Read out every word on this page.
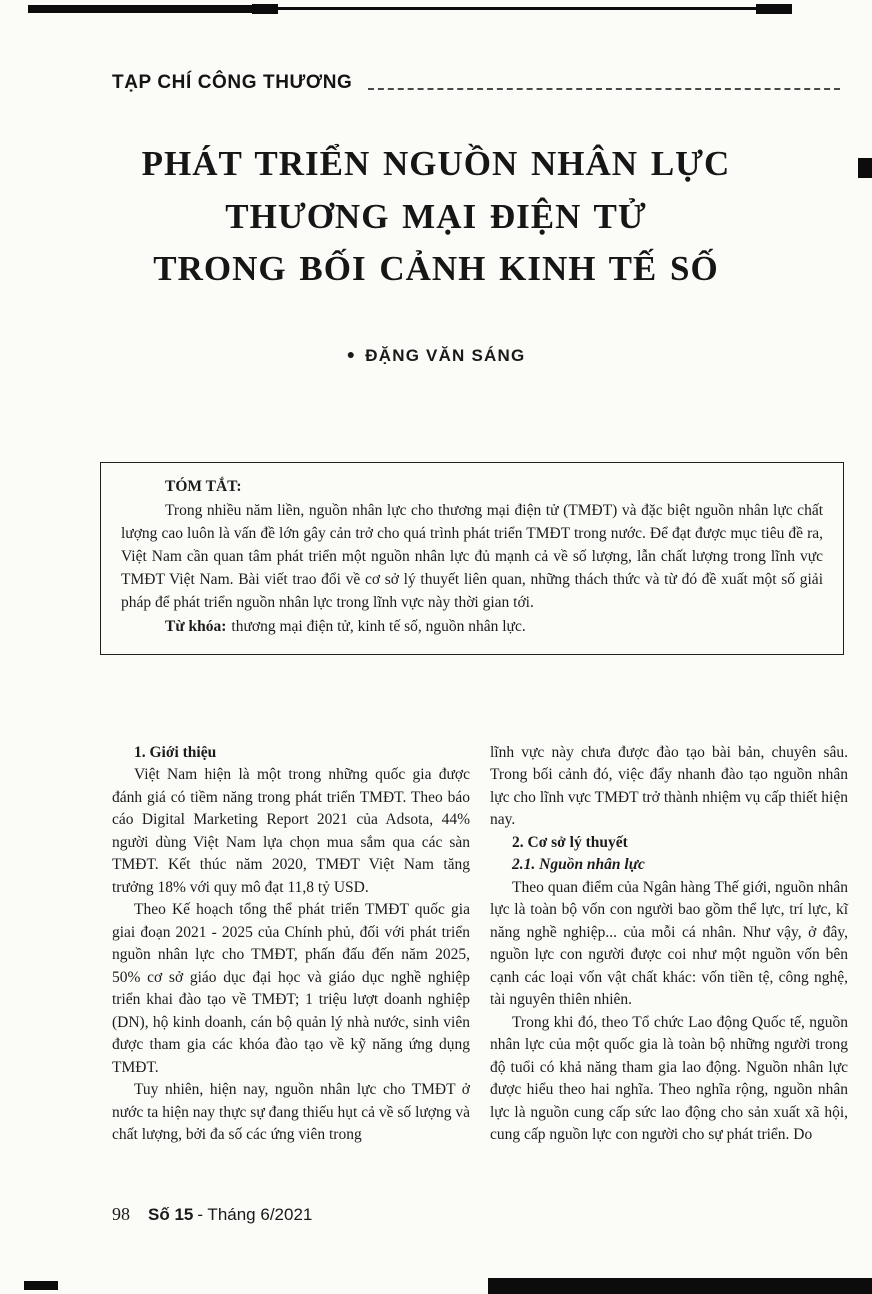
TẠP CHÍ CÔNG THƯƠNG
PHÁT TRIỂN NGUỒN NHÂN LỰC
THƯƠNG MẠI ĐIỆN TỬ
TRONG BỐI CẢNH KINH TẾ SỐ
● ĐẶNG VĂN SÁNG
TÓM TẮT:

Trong nhiều năm liền, nguồn nhân lực cho thương mại điện tử (TMĐT) và đặc biệt nguồn nhân lực chất lượng cao luôn là vấn đề lớn gây cản trở cho quá trình phát triển TMĐT trong nước. Để đạt được mục tiêu đề ra, Việt Nam cần quan tâm phát triển một nguồn nhân lực đủ mạnh cả về số lượng, lẫn chất lượng trong lĩnh vực TMĐT Việt Nam. Bài viết trao đổi về cơ sở lý thuyết liên quan, những thách thức và từ đó đề xuất một số giải pháp để phát triển nguồn nhân lực trong lĩnh vực này thời gian tới.

Từ khóa: thương mại điện tử, kinh tế số, nguồn nhân lực.

1. Giới thiệu

Việt Nam hiện là một trong những quốc gia được đánh giá có tiềm năng trong phát triển TMĐT. Theo báo cáo Digital Marketing Report 2021 của Adsota, 44% người dùng Việt Nam lựa chọn mua sắm qua các sàn TMĐT. Kết thúc năm 2020, TMĐT Việt Nam tăng trưởng 18% với quy mô đạt 11,8 tỷ USD.

Theo Kế hoạch tổng thể phát triển TMĐT quốc gia giai đoạn 2021 - 2025 của Chính phủ, đối với phát triển nguồn nhân lực cho TMĐT, phấn đấu đến năm 2025, 50% cơ sở giáo dục đại học và giáo dục nghề nghiệp triển khai đào tạo về TMĐT; 1 triệu lượt doanh nghiệp (DN), hộ kinh doanh, cán bộ quản lý nhà nước, sinh viên được tham gia các khóa đào tạo về kỹ năng ứng dụng TMĐT.

Tuy nhiên, hiện nay, nguồn nhân lực cho TMĐT ở nước ta hiện nay thực sự đang thiếu hụt cả về số lượng và chất lượng, bởi đa số các ứng viên trong

lĩnh vực này chưa được đào tạo bài bản, chuyên sâu. Trong bối cảnh đó, việc đẩy nhanh đào tạo nguồn nhân lực cho lĩnh vực TMĐT trở thành nhiệm vụ cấp thiết hiện nay.

2. Cơ sở lý thuyết
2.1. Nguồn nhân lực

Theo quan điểm của Ngân hàng Thế giới, nguồn nhân lực là toàn bộ vốn con người bao gồm thể lực, trí lực, kĩ năng nghề nghiệp... của mỗi cá nhân. Như vậy, ở đây, nguồn lực con người được coi như một nguồn vốn bên cạnh các loại vốn vật chất khác: vốn tiền tệ, công nghệ, tài nguyên thiên nhiên.

Trong khi đó, theo Tổ chức Lao động Quốc tế, nguồn nhân lực của một quốc gia là toàn bộ những người trong độ tuổi có khả năng tham gia lao động. Nguồn nhân lực được hiểu theo hai nghĩa. Theo nghĩa rộng, nguồn nhân lực là nguồn cung cấp sức lao động cho sản xuất xã hội, cung cấp nguồn lực con người cho sự phát triển. Do

98 Số 15 - Tháng 6/2021
